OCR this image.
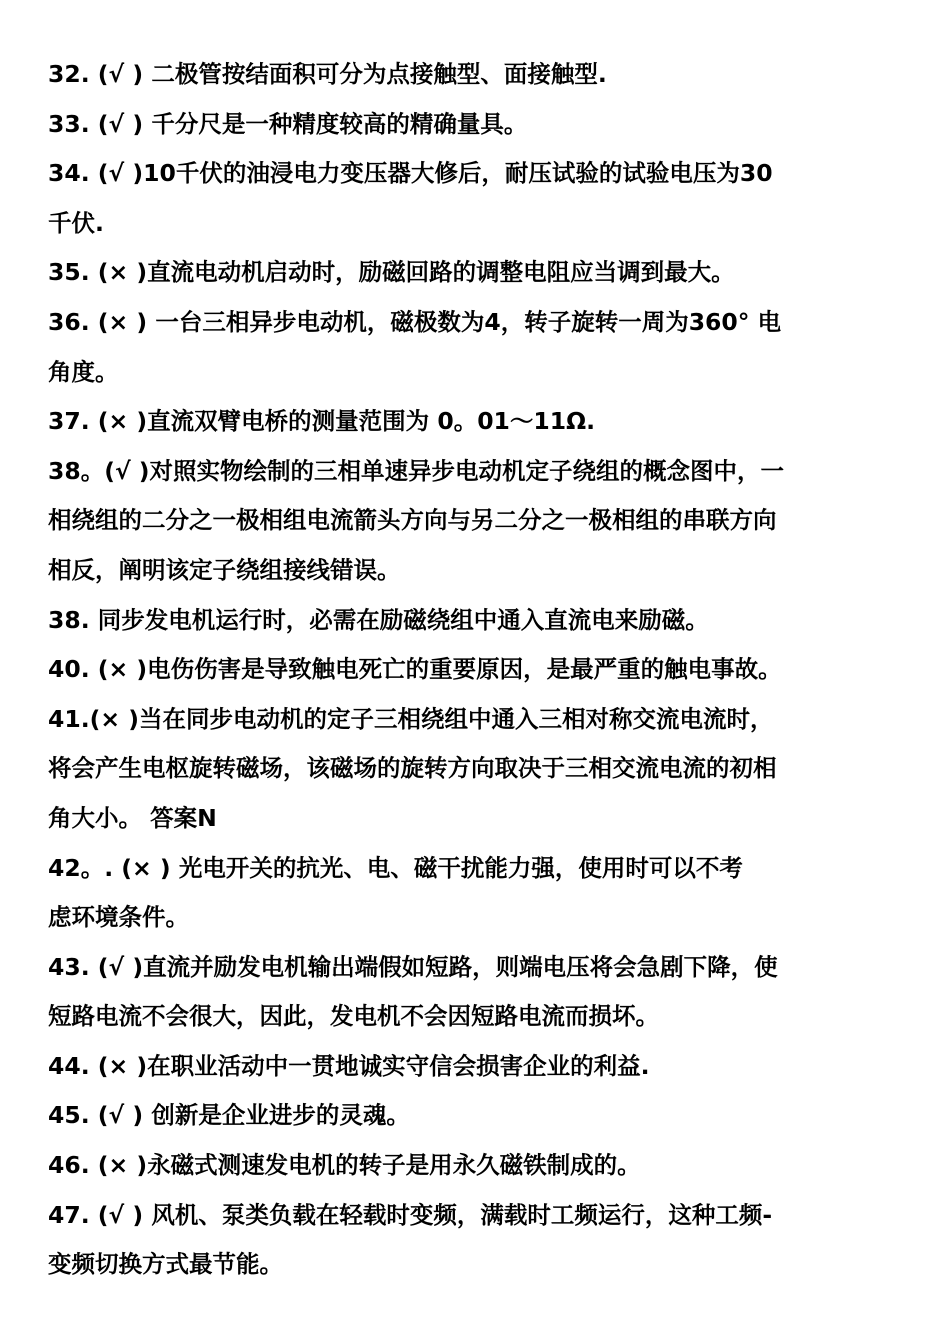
32. (√ ) 二极管按结面积可分为点接触型、面接触型.
33. (√ ) 千分尺是一种精度较高的精确量具。
34. (√ )10千伏的油浸电力变压器大修后，耐压试验的试验电压为30
千伏.
35. (× )直流电动机启动时，励磁回路的调整电阻应当调到最大。
36. (× ) 一台三相异步电动机，磁极数为4，转子旋转一周为360° 电
角度。
37. (× )直流双臂电桥的测量范围为 0。01～11Ω.
38。(√ )对照实物绘制的三相单速异步电动机定子绕组的概念图中，一
相绕组的二分之一极相组电流箭头方向与另二分之一极相组的串联方向
相反，阐明该定子绕组接线错误。
38. 同步发电机运行时，必需在励磁绕组中通入直流电来励磁。
40. (× )电伤伤害是导致触电死亡的重要原因，是最严重的触电事故。
41.(× )当在同步电动机的定子三相绕组中通入三相对称交流电流时，
将会产生电枢旋转磁场，该磁场的旋转方向取决于三相交流电流的初相
角大小。 答案N
42。. (× ) 光电开关的抗光、电、磁干扰能力强，使用时可以不考
虑环境条件。
43. (√ )直流并励发电机输出端假如短路，则端电压将会急剧下降，使
短路电流不会很大，因此，发电机不会因短路电流而损坏。
44. (× )在职业活动中一贯地诚实守信会损害企业的利益.
45. (√ ) 创新是企业进步的灵魂。
46. (× )永磁式测速发电机的转子是用永久磁铁制成的。
47. (√ ) 风机、泵类负载在轻载时变频，满载时工频运行，这种工频-
变频切换方式最节能。
